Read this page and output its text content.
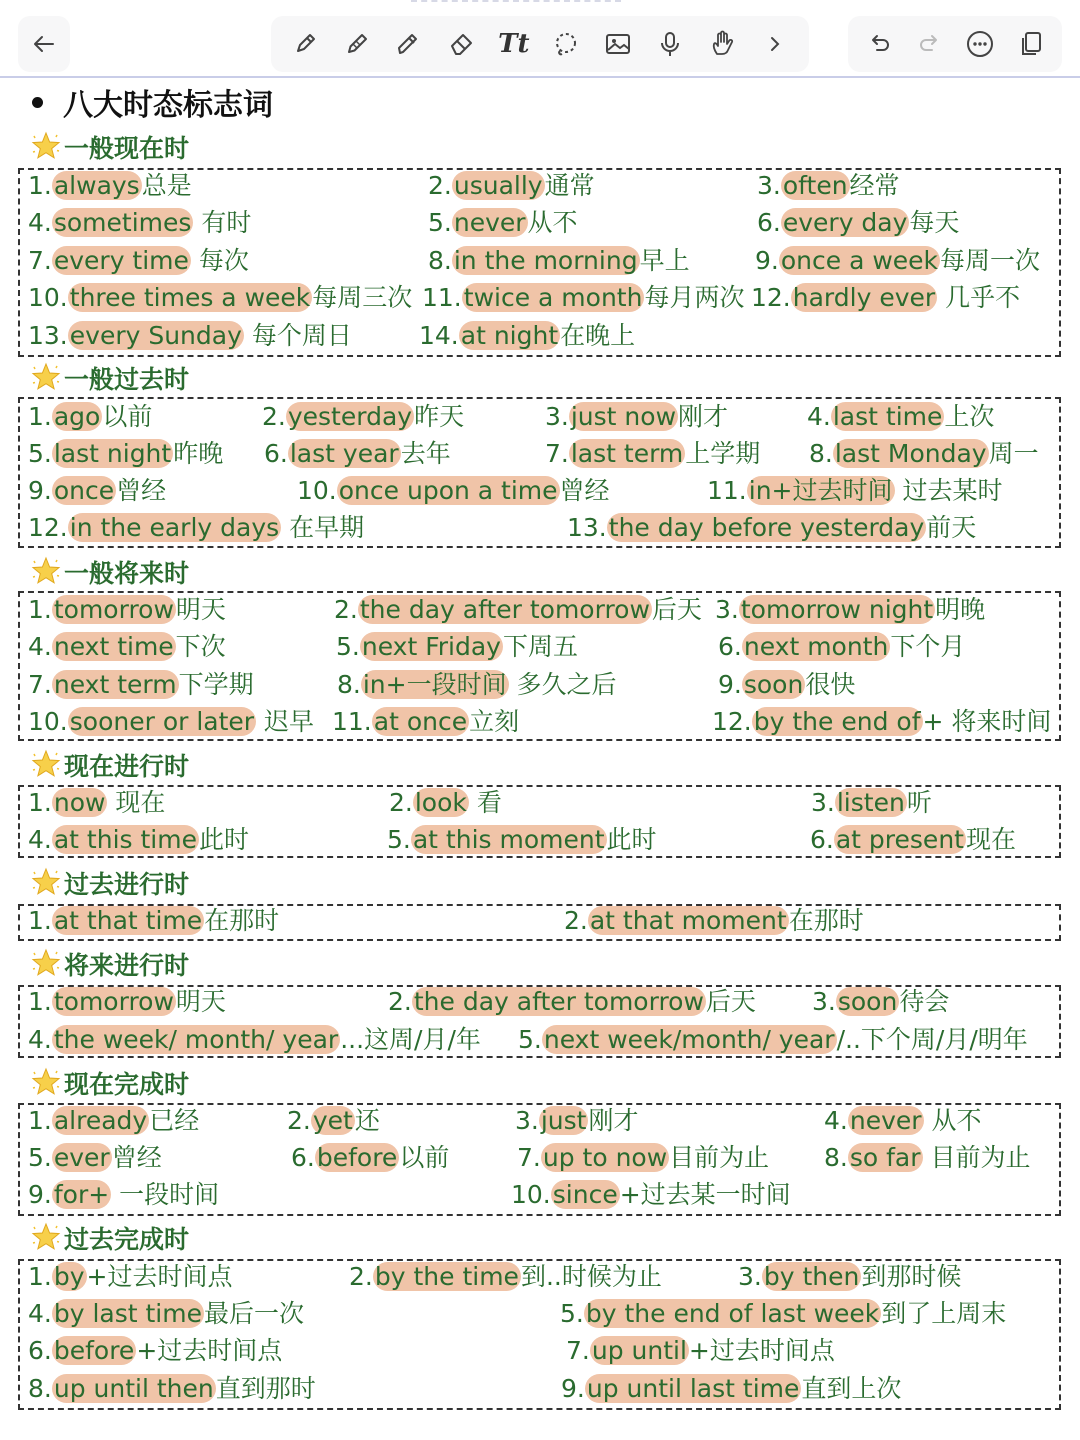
Tt
八大时态标志词
一般现在时
1.always总是	2.usually通常	3.often经常
4.sometimes 有时	5.never从不	6.every day每天
7.every time 每次	8.in the morning早上	9.once a week每周一次
10.three times a week每周三次 11.twice a month每月两次 12.hardly ever 几乎不
13.every Sunday 每个周日	14.at night在晚上
一般过去时
1.ago以前	2.yesterday昨天	3.just now刚才	4.last time上次
5.last night昨晚 6.last year去年	7.last term上学期 8.last Monday周一
9.once曾经	10.once upon a time曾经	11.in+过去时间 过去某时
12.in the early days 在早期	13.the day before yesterday前天
一般将来时
1.tomorrow明天	2.the day after tomorrow后天 3.tomorrow night明晚
4.next time下次	5.next Friday下周五	6.next month下个月
7.next term下学期	8.in+一段时间 多久之后	9.soon很快
10.sooner or later 迟早 11.at once立刻	12.by the end of+ 将来时间
现在进行时
1.now 现在	2.look 看	3.listen听
4.at this time此时	5.at this moment此时	6.at present现在
过去进行时
1.at that time在那时	2.at that moment在那时
将来进行时
1.tomorrow明天	2.the day after tomorrow后天 3.soon待会
4.the week/ month/ year...这周/月/年 5.next week/month/ year/..下个周/月/明年
现在完成时
1.already已经	2.yet还	3.just刚才	4.never 从不
5.ever曾经	6.before以前	7.up to now目前为止 8.so far 目前为止
9.for+ 一段时间	10.since+过去某一时间
过去完成时
1.by+过去时间点	2.by the time到..时候为止	3.by then到那时候
4.by last time最后一次	5.by the end of last week到了上周末
6.before+过去时间点	7.up until+过去时间点
8.up until then直到那时	9.up until last time直到上次
